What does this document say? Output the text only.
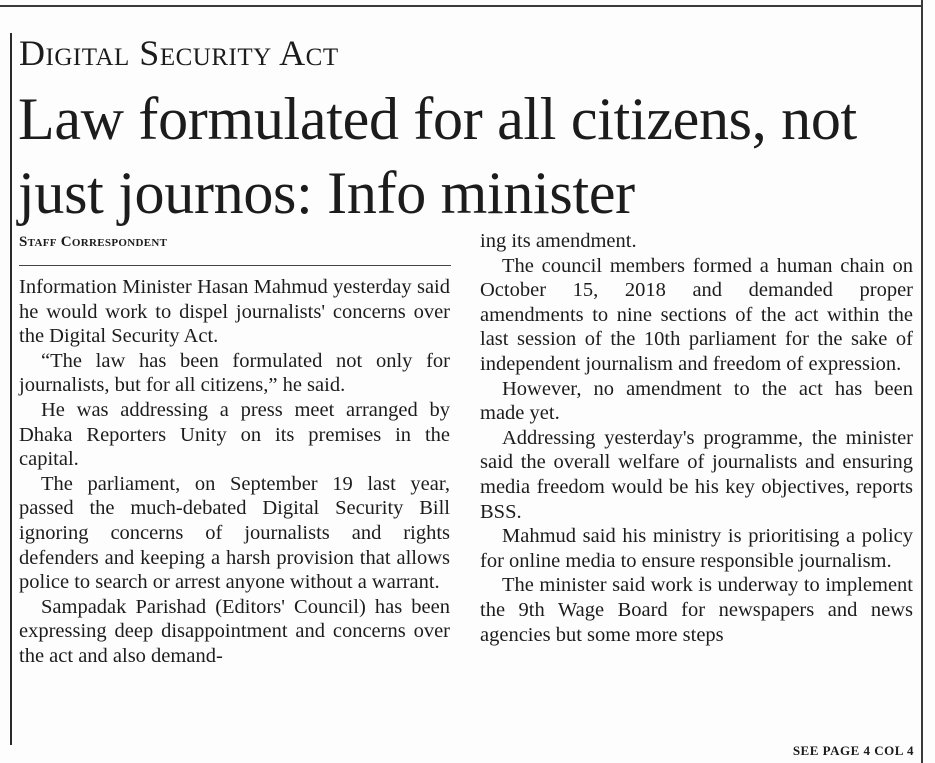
Digital Security Act
Law formulated for all citizens, not just journos: Info minister
Staff Correspondent

Information Minister Hasan Mahmud yesterday said he would work to dispel journalists' concerns over the Digital Security Act.

“The law has been formulated not only for journalists, but for all citizens,” he said.

He was addressing a press meet arranged by Dhaka Reporters Unity on its premises in the capital.

The parliament, on September 19 last year, passed the much-debated Digital Security Bill ignoring concerns of journalists and rights defenders and keeping a harsh provision that allows police to search or arrest anyone without a warrant.

Sampadak Parishad (Editors' Council) has been expressing deep disappointment and concerns over the act and also demand-

ing its amendment.

The council members formed a human chain on October 15, 2018 and demanded proper amendments to nine sections of the act within the last session of the 10th parliament for the sake of independent journalism and freedom of expression.

However, no amendment to the act has been made yet.

Addressing yesterday's programme, the minister said the overall welfare of journalists and ensuring media freedom would be his key objectives, reports BSS.

Mahmud said his ministry is prioritising a policy for online media to ensure responsible journalism.

The minister said work is underway to implement the 9th Wage Board for newspapers and news agencies but some more steps

SEE PAGE 4 COL 4
